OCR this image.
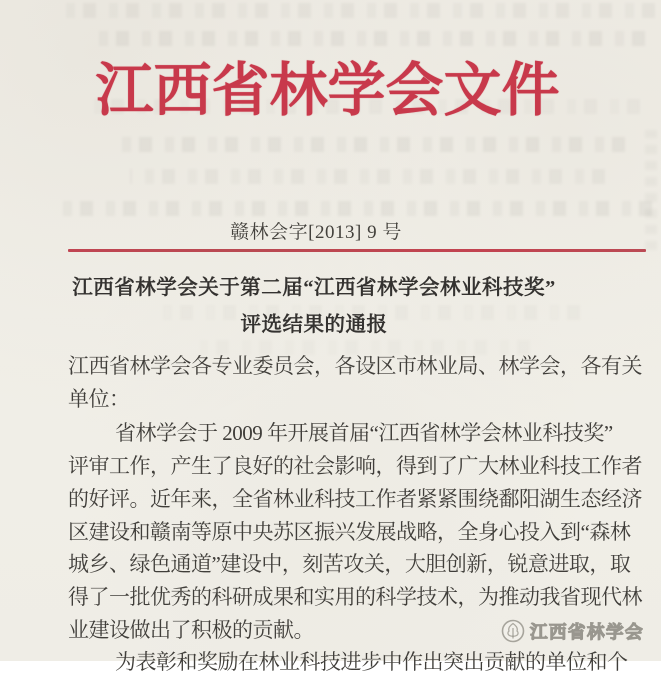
江西省林学会文件
赣林会字[2013] 9 号
江西省林学会关于第二届“江西省林学会林业科技奖”
评选结果的通报
江西省林学会各专业委员会，各设区市林业局、林学会，各有关
单位：
省林学会于 2009 年开展首届“江西省林学会林业科技奖”
评审工作，产生了良好的社会影响，得到了广大林业科技工作者
的好评。近年来，全省林业科技工作者紧紧围绕鄱阳湖生态经济
区建设和赣南等原中央苏区振兴发展战略，全身心投入到“森林
城乡、绿色通道”建设中，刻苦攻关，大胆创新，锐意进取，取
得了一批优秀的科研成果和实用的科学技术，为推动我省现代林
业建设做出了积极的贡献。
为表彰和奖励在林业科技进步中作出突出贡献的单位和个
江西省林学会
